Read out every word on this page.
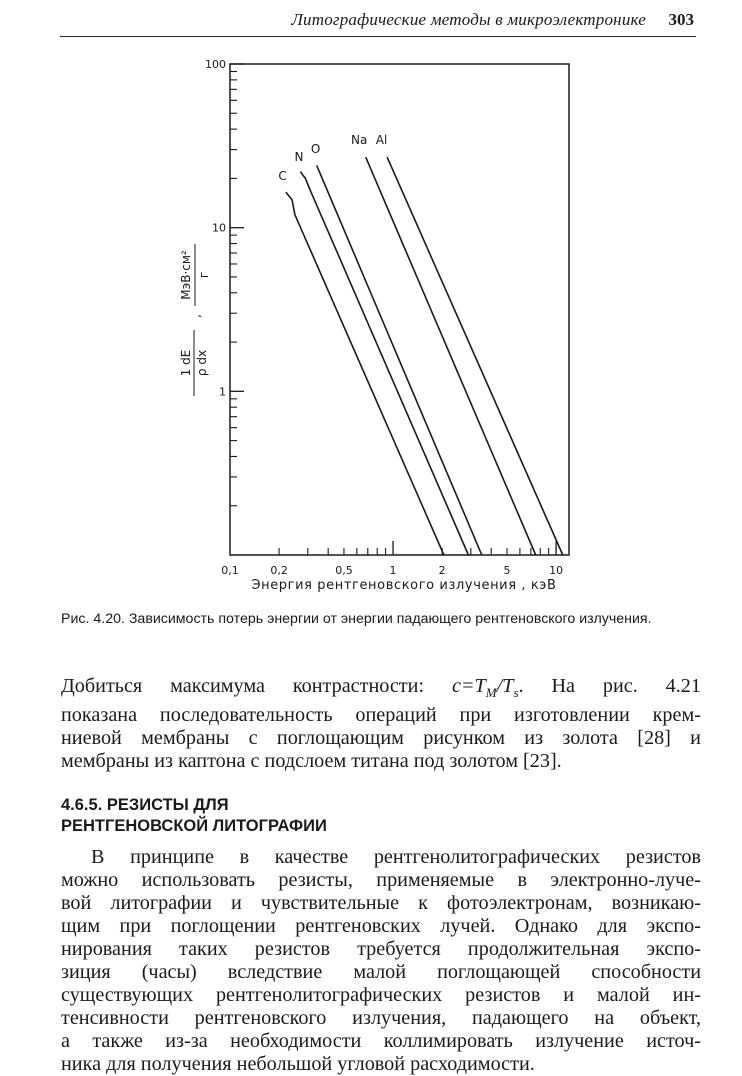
Литографические методы в микроэлектронике 303
100
10
1
0,1	0,2	0,5	1	2	5	10
C
N
O
Na Al
1 dE ρ dx
МэВ·см² г
,
Энергия рентгеновского излучения , кэВ
Рис. 4.20. Зависимость потерь энергии от энергии падающего рентгеновского излучения.
Добиться максимума контрастности: $c=T_M/T_s$. На рис. 4.21
показана последовательность операций при изготовлении крем-
ниевой мембраны с поглощающим рисунком из золота [28] и
мембраны из каптона с подслоем титана под золотом [23].
4.6.5. РЕЗИСТЫ ДЛЯ
РЕНТГЕНОВСКОЙ ЛИТОГРАФИИ
В принципе в качестве рентгенолитографических резистов
можно использовать резисты, применяемые в электронно-луче-
вой литографии и чувствительные к фотоэлектронам, возникаю-
щим при поглощении рентгеновских лучей. Однако для экспо-
нирования таких резистов требуется продолжительная экспо-
зиция (часы) вследствие малой поглощающей способности
существующих рентгенолитографических резистов и малой ин-
тенсивности рентгеновского излучения, падающего на объект,
а также из-за необходимости коллимировать излучение источ-
ника для получения небольшой угловой расходимости.
